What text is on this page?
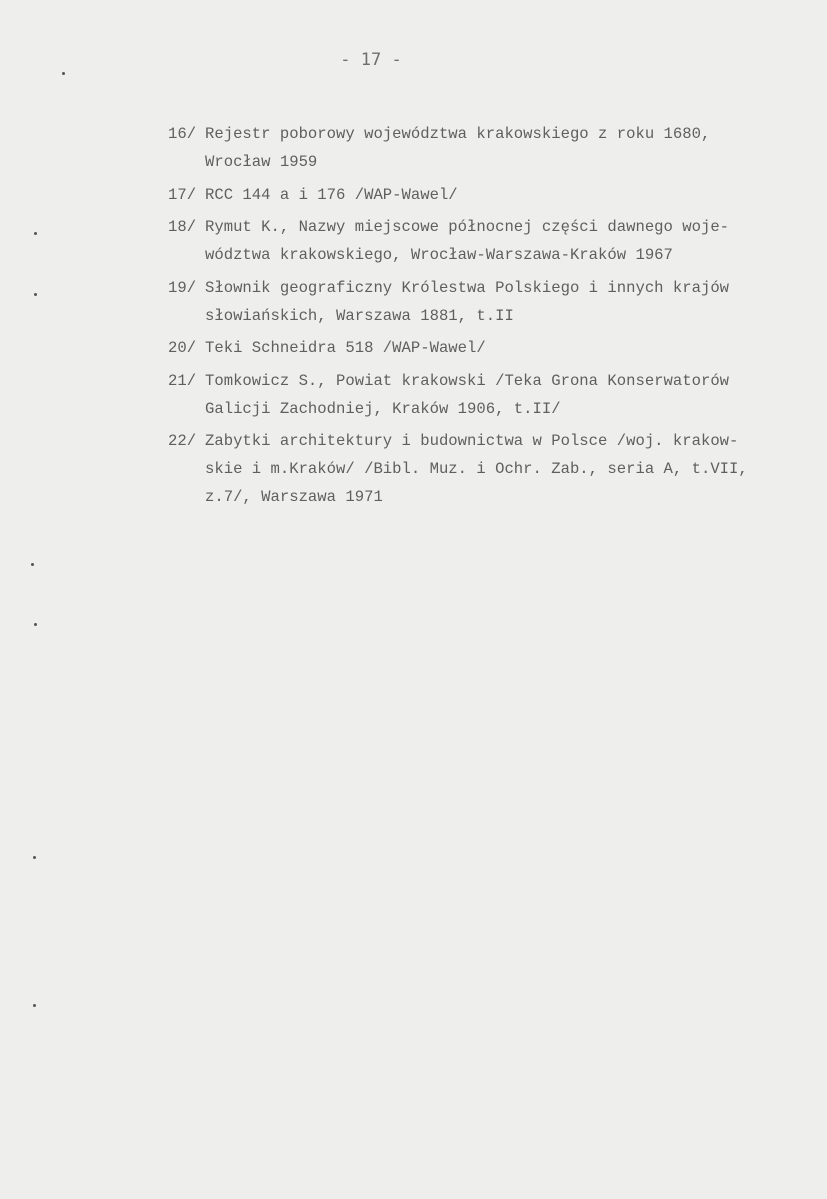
- 17 -
16/ Rejestr poborowy województwa krakowskiego z roku 1680,
Wrocław 1959
17/ RCC 144 a i 176 /WAP-Wawel/
18/ Rymut K., Nazwy miejscowe północnej części dawnego woje-
wództwa krakowskiego, Wrocław-Warszawa-Kraków 1967
19/ Słownik geograficzny Królestwa Polskiego i innych krajów
słowiańskich, Warszawa 1881, t.II
20/ Teki Schneidra 518 /WAP-Wawel/
21/ Tomkowicz S., Powiat krakowski /Teka Grona Konserwatorów
Galicji Zachodniej, Kraków 1906, t.II/
22/ Zabytki architektury i budownictwa w Polsce /woj. krakow-
skie i m.Kraków/ /Bibl. Muz. i Ochr. Zab., seria A, t.VII,
z.7/, Warszawa 1971
